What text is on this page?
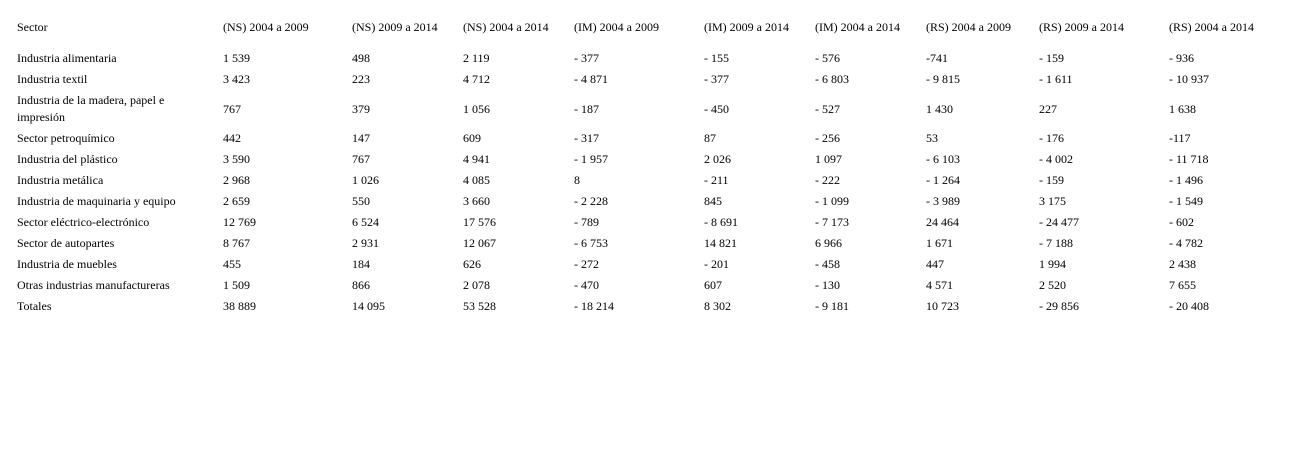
Sector	(NS) 2004 a 2009	(NS) 2009 a 2014	(NS) 2004 a 2014	(IM) 2004 a 2009	(IM) 2009 a 2014	(IM) 2004 a 2014	(RS) 2004 a 2009	(RS) 2009 a 2014	(RS) 2004 a 2014
Industria alimentaria	1 539	498	2 119	- 377	- 155	- 576	-741	- 159	- 936
Industria textil	3 423	223	4 712	- 4 871	- 377	- 6 803	- 9 815	- 1 611	- 10 937
Industria de la madera, papel e impresión	767	379	1 056	- 187	- 450	- 527	1 430	227	1 638
Sector petroquímico	442	147	609	- 317	87	- 256	53	- 176	-117
Industria del plástico	3 590	767	4 941	- 1 957	2 026	1 097	- 6 103	- 4 002	- 11 718
Industria metálica	2 968	1 026	4 085	8	- 211	- 222	- 1 264	- 159	- 1 496
Industria de maquinaria y equipo	2 659	550	3 660	- 2 228	845	- 1 099	- 3 989	3 175	- 1 549
Sector eléctrico-electrónico	12 769	6 524	17 576	- 789	- 8 691	- 7 173	24 464	- 24 477	- 602
Sector de autopartes	8 767	2 931	12 067	- 6 753	14 821	6 966	1 671	- 7 188	- 4 782
Industria de muebles	455	184	626	- 272	- 201	- 458	447	1 994	2 438
Otras industrias manufactureras	1 509	866	2 078	- 470	607	- 130	4 571	2 520	7 655
Totales	38 889	14 095	53 528	- 18 214	8 302	- 9 181	10 723	- 29 856	- 20 408
